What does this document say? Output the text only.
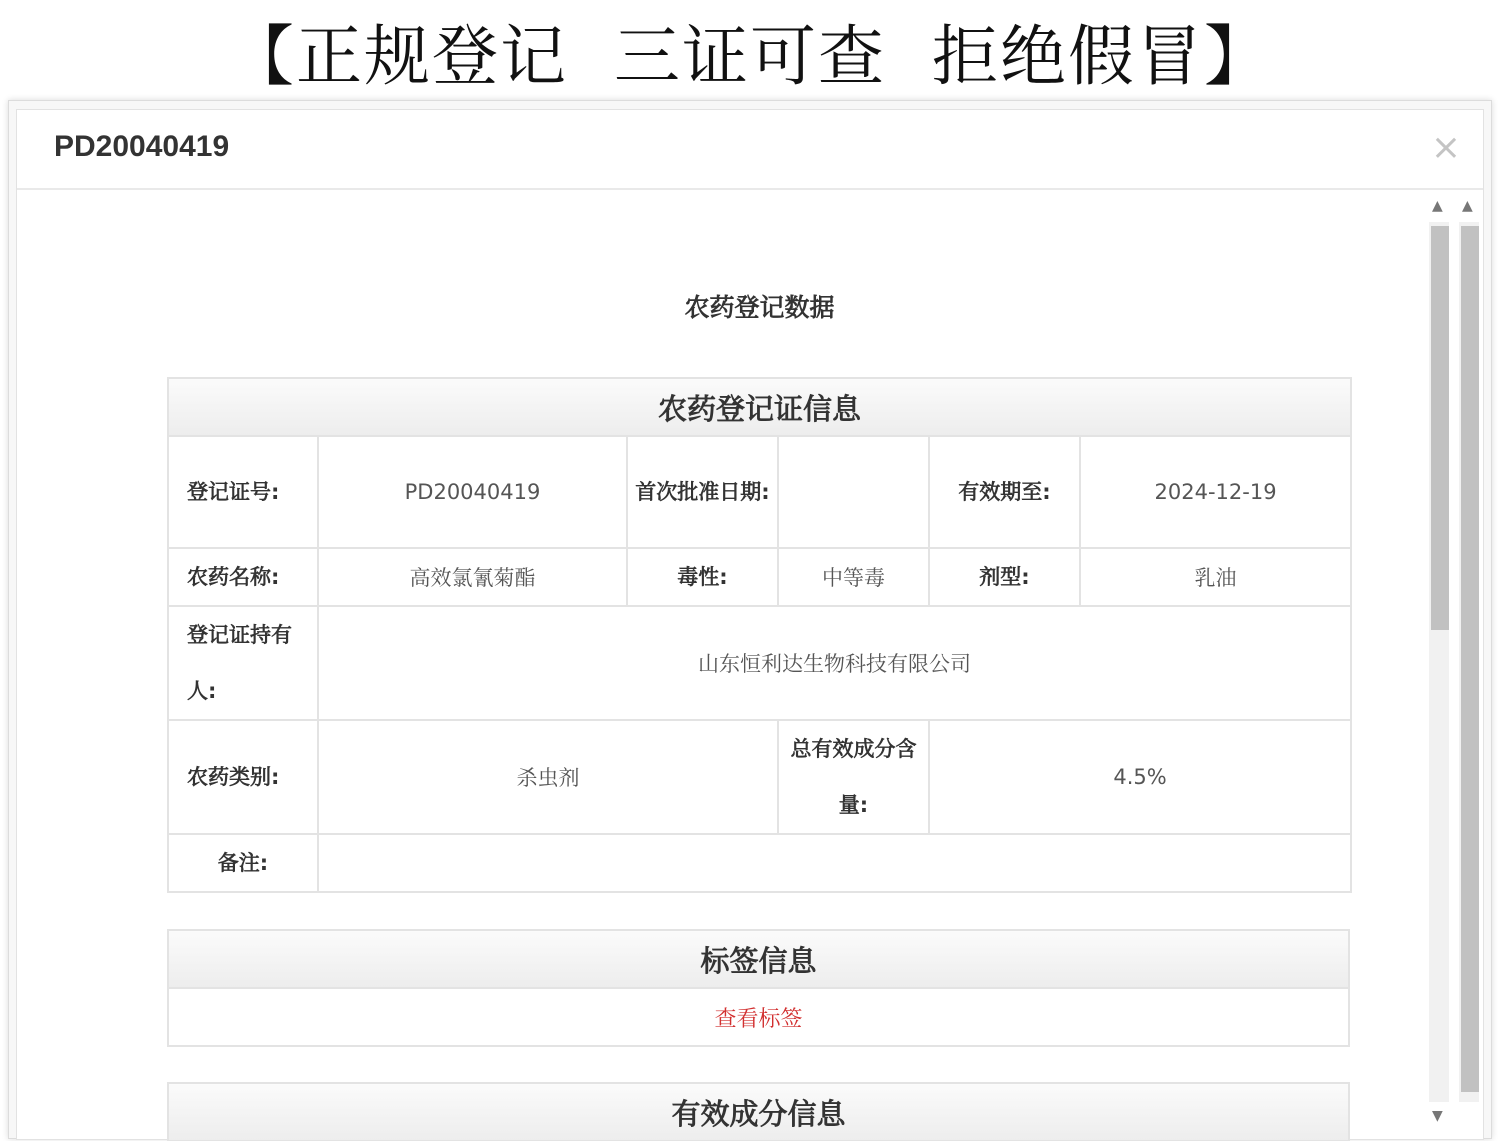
【正规登记  三证可查  拒绝假冒】
PD20040419	×
农药登记数据
农药登记证信息					
登记证号:	PD20040419	首次批准日期:		有效期至:	2024-12-19
农药名称:	高效氯氰菊酯	毒性:	中等毒	剂型:	乳油
登记证持有人:	山东恒利达生物科技有限公司				
农药类别:	杀虫剂		总有效成分含量:	4.5%	
备注:					
标签信息
查看标签
有效成分信息
▲
▼
▲
